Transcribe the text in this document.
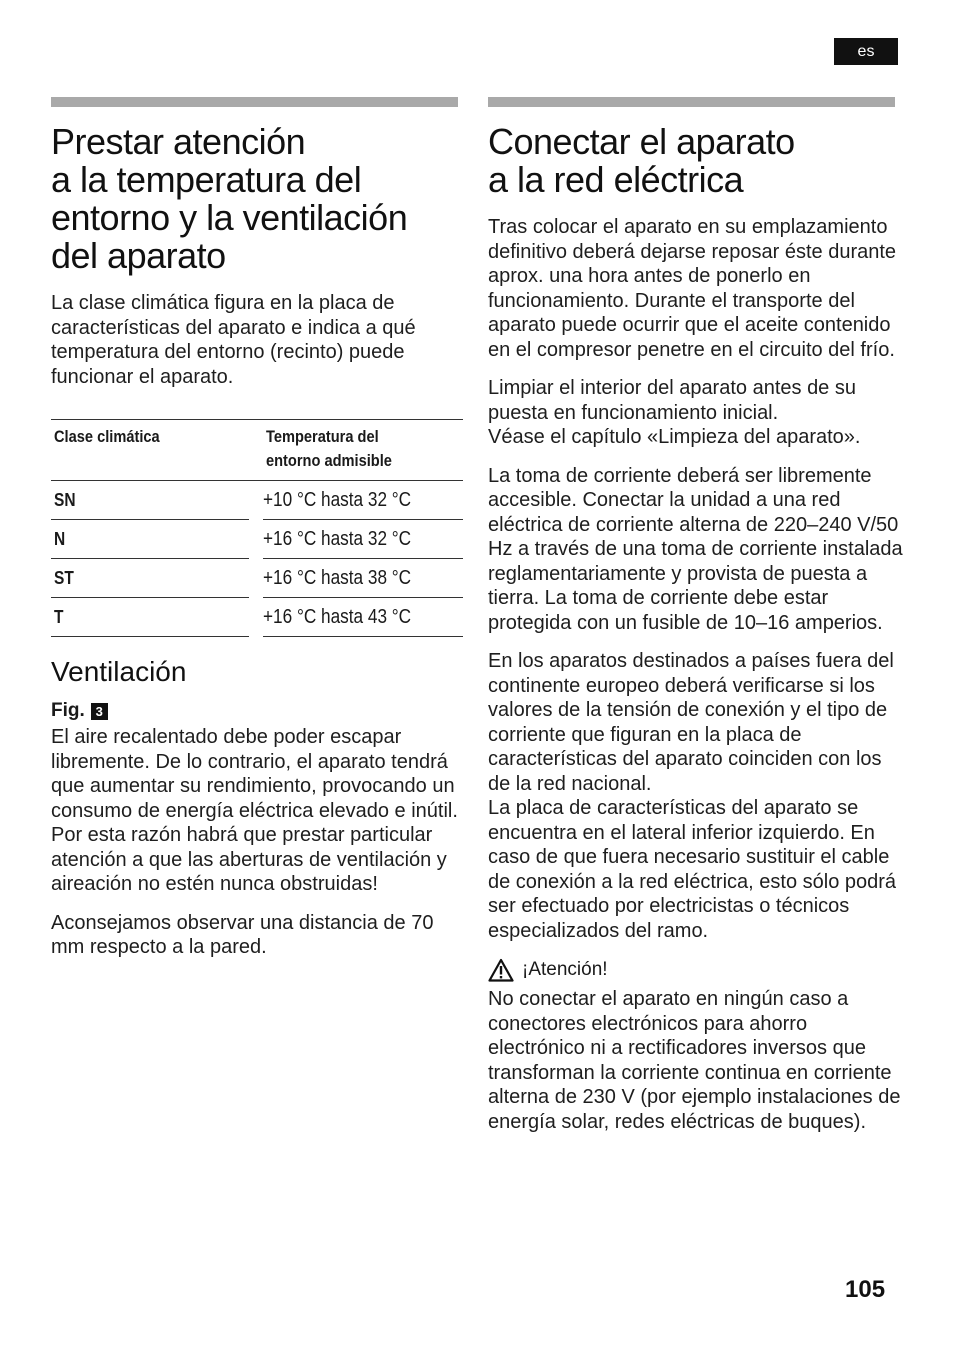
es
Prestar atención
a la temperatura del
entorno y la ventilación
del aparato

La clase climática figura en la placa de características del aparato e indica a qué temperatura del entorno (recinto) puede funcionar el aparato.

Clase climática		Temperatura del
entorno admisible
SN		+10 °C hasta 32 °C
N		+16 °C hasta 32 °C
ST		+16 °C hasta 38 °C
T		+16 °C hasta 43 °C
Ventilación
Fig. 3

El aire recalentado debe poder escapar libremente. De lo contrario, el aparato tendrá que aumentar su rendimiento, provocando un consumo de energía eléctrica elevado e inútil.

Por esta razón habrá que prestar particular atención a que las aberturas de ventilación y aireación no estén nunca obstruidas!

Aconsejamos observar una distancia de 70 mm respecto a la pared.

Conectar el aparato
a la red eléctrica

Tras colocar el aparato en su emplazamiento definitivo deberá dejarse reposar éste durante aprox. una hora antes de ponerlo en funcionamiento. Durante el transporte del aparato puede ocurrir que el aceite contenido en el compresor penetre en el circuito del frío.

Limpiar el interior del aparato antes de su puesta en funcionamiento inicial.

Véase el capítulo «Limpieza del aparato».

La toma de corriente deberá ser libremente accesible. Conectar la unidad a una red eléctrica de corriente alterna de 220–240 V/50 Hz a través de una toma de corriente instalada reglamentariamente y provista de puesta a tierra. La toma de corriente debe estar protegida con un fusible de 10–16 amperios.

En los aparatos destinados a países fuera del continente europeo deberá verificarse si los valores de la tensión de conexión y el tipo de corriente que figuran en la placa de características del aparato coinciden con los de la red nacional.

La placa de características del aparato se encuentra en el lateral inferior izquierdo. En caso de que fuera necesario sustituir el cable de conexión a la red eléctrica, esto sólo podrá ser efectuado por electricistas o técnicos especializados del ramo.

¡Atención!

No conectar el aparato en ningún caso a conectores electrónicos para ahorro electrónico ni a rectificadores inversos que transforman la corriente continua en corriente alterna de 230 V (por ejemplo instalaciones de energía solar, redes eléctricas de buques).

105
